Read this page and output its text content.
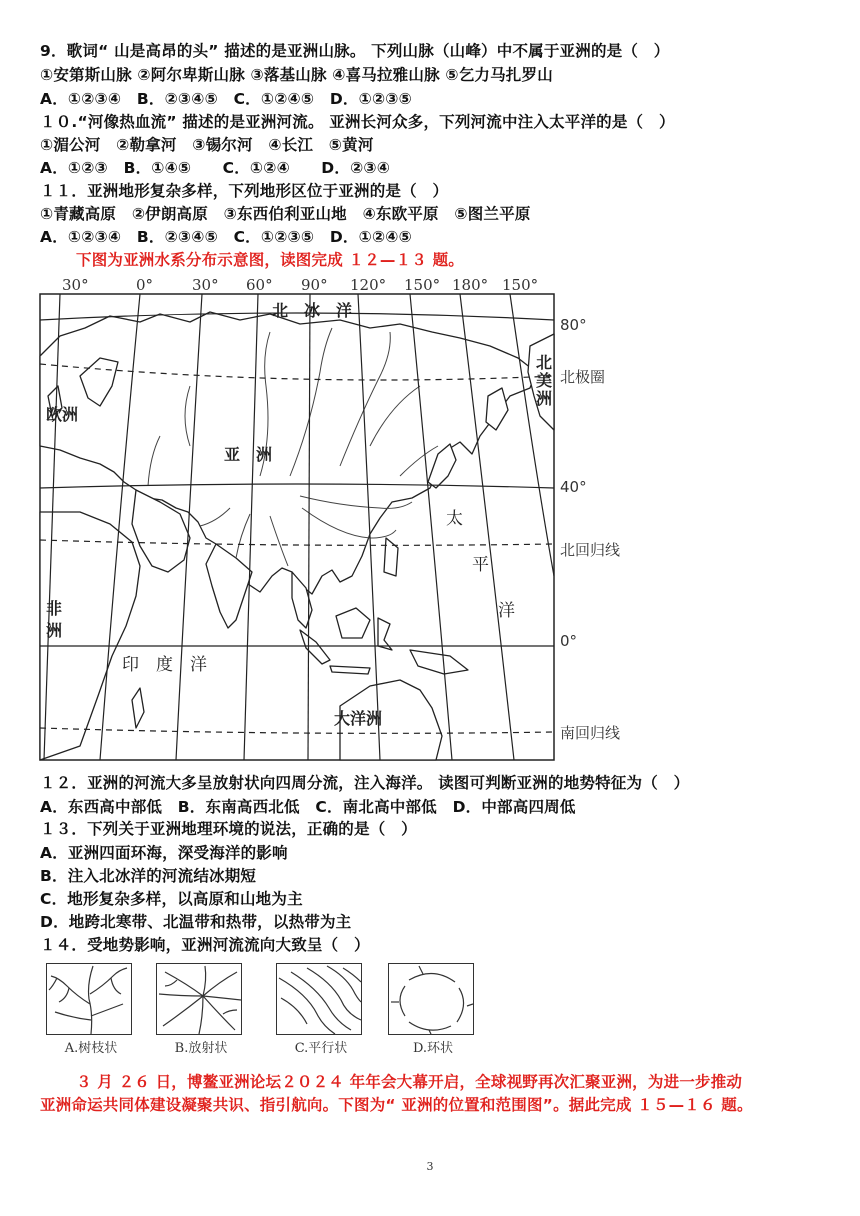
9．歌词“ 山是高昂的头” 描述的是亚洲山脉。 下列山脉（山峰）中不属于亚洲的是（　）
①安第斯山脉 ②阿尔卑斯山脉 ③落基山脉 ④喜马拉雅山脉 ⑤乞力马扎罗山
A．①②③④　B．②③④⑤　C．①②④⑤　D．①②③⑤
１０.“河像热血流” 描述的是亚洲河流。 亚洲长河众多，下列河流中注入太平洋的是（　）
①湄公河　②勒拿河　③锡尔河　④长江　⑤黄河
A．①②③　B．①④⑤　　C．①②④　　D．②③④
１１．亚洲地形复杂多样，下列地形区位于亚洲的是（　）
①青藏高原　②伊朗高原　③东西伯利亚山地　④东欧平原　⑤图兰平原
A．①②③④　B．②③④⑤　C．①②③⑤　D．①②④⑤
下图为亚洲水系分布示意图，读图完成 １２—１３ 题。
30°	0°	30° 60° 90° 120° 150° 180° 150°
80°
北极圈
40°
北回归线
0°
南回归线
北　冰　洋
欧洲
亚　洲
北
美
洲
非
洲
大洋洲
印　度　洋
太
平
洋
１２．亚洲的河流大多呈放射状向四周分流，注入海洋。 读图可判断亚洲的地势特征为（　）
A．东西高中部低　B．东南高西北低　C．南北高中部低　D．中部高四周低
１３．下列关于亚洲地理环境的说法，正确的是（　）
A．亚洲四面环海，深受海洋的影响
B．注入北冰洋的河流结冰期短
C．地形复杂多样，以高原和山地为主
D．地跨北寒带、北温带和热带，以热带为主
１４．受地势影响，亚洲河流流向大致呈（　）
A.树枝状	B.放射状	C.平行状	D.环状
３ 月 ２６ 日，博鳌亚洲论坛２０２４ 年年会大幕开启，全球视野再次汇聚亚洲，为进一步推动
亚洲命运共同体建设凝聚共识、指引航向。下图为“ 亚洲的位置和范围图”。据此完成 １５—１６ 题。
3
